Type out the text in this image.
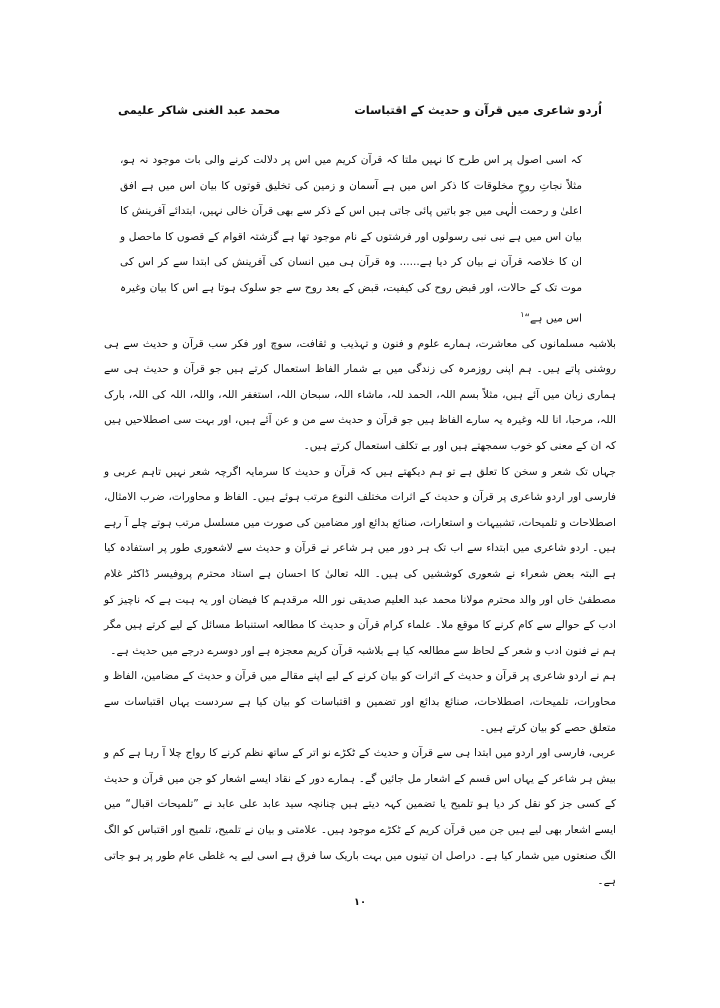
اُردو شاعری میں قرآن و حدیث کے اقتباسات
محمد عبد الغنی شاکر علیمی

کہ اسی اصول پر اس طرح کا نہیں ملتا کہ قرآن کریم میں اس پر دلالت کرنے والی بات موجود نہ ہو، مثلاً نجاتِ روحِ مخلوقات کا ذکر اس میں ہے آسمان و زمین کی تخلیق قوتوں کا بیان اس میں ہے افق اعلیٰ و رحمت الٰہی میں جو باتیں پائی جاتی ہیں اس کے ذکر سے بھی قرآن خالی نہیں، ابتدائے آفرینش کا بیان اس میں ہے نبی نبی رسولوں اور فرشتوں کے نام موجود تھا ہے گزشتہ اقوام کے قصوں کا ماحصل و ان کا خلاصہ قرآن نے بیان کر دیا ہے...... وہ قرآن ہی میں انسان کی آفرینش کی ابتدا سے کر اس کی موت تک کے حالات، اور قبض روح کی کیفیت، قبض کے بعد روح سے جو سلوک ہوتا ہے اس کا بیان وغیرہ اس میں ہے“$^۱$

بلاشبہ مسلمانوں کی معاشرت، ہمارے علوم و فنون و تہذیب و ثقافت، سوچ اور فکر سب قرآن و حدیث سے ہی روشنی پاتے ہیں۔ ہم اپنی روزمرہ کی زندگی میں بے شمار الفاظ استعمال کرتے ہیں جو قرآن و حدیث ہی سے ہماری زبان میں آئے ہیں، مثلاً بسم اللہ، الحمد للہ، ماشاء اللہ، سبحان اللہ، استغفر اللہ، واللہ، اللہ کی اللہ، بارک اللہ، مرحبا، انا للہ وغیرہ یہ سارے الفاظ ہیں جو قرآن و حدیث سے من و عن آئے ہیں، اور بہت سی اصطلاحیں ہیں کہ ان کے معنی کو خوب سمجھتے ہیں اور بے تکلف استعمال کرتے ہیں۔

جہاں تک شعر و سخن کا تعلق ہے تو ہم دیکھتے ہیں کہ قرآن و حدیث کا سرمایہ اگرچہ شعر نہیں تاہم عربی و فارسی اور اردو شاعری پر قرآن و حدیث کے اثرات مختلف النوع مرتب ہوئے ہیں۔ الفاظ و محاورات، ضرب الامثال، اصطلاحات و تلمیحات، تشبیہات و استعارات، صنائع بدائع اور مضامین کی صورت میں مسلسل مرتب ہوتے چلے آ رہے ہیں۔ اردو شاعری میں ابتداء سے اب تک ہر دور میں ہر شاعر نے قرآن و حدیث سے لاشعوری طور پر استفادہ کیا ہے البتہ بعض شعراء نے شعوری کوششیں کی ہیں۔ اللہ تعالیٰ کا احسان ہے استاد محترم پروفیسر ڈاکٹر غلام مصطفیٰ خاں اور والد محترم مولانا محمد عبد العلیم صدیقی نور اللہ مرقدہم کا فیضان اور یہ ہیت ہے کہ ناچیز کو ادب کے حوالے سے کام کرنے کا موقع ملا۔ علماء کرام قرآن و حدیث کا مطالعہ استنباط مسائل کے لیے کرتے ہیں مگر ہم نے فنون ادب و شعر کے لحاظ سے مطالعہ کیا ہے بلاشبہ قرآن کریم معجزہ ہے اور دوسرے درجے میں حدیث ہے۔

ہم نے اردو شاعری پر قرآن و حدیث کے اثرات کو بیان کرنے کے لیے اپنے مقالے میں قرآن و حدیث کے مضامین، الفاظ و محاورات، تلمیحات، اصطلاحات، صنائع بدائع اور تضمین و اقتباسات کو بیان کیا ہے سردست یہاں اقتباسات سے متعلق حصے کو بیان کرتے ہیں۔

عربی، فارسی اور اردو میں ابتدا ہی سے قرآن و حدیث کے ٹکڑے نو اتر کے ساتھ نظم کرنے کا رواج چلا آ رہا ہے کم و بیش ہر شاعر کے یہاں اس قسم کے اشعار مل جائیں گے۔ ہمارے دور کے نقاد ایسے اشعار کو جن میں قرآن و حدیث کے کسی جز کو نقل کر دیا ہو تلمیح یا تضمین کہہ دیتے ہیں چنانچہ سید عابد علی عابد نے ”تلمیحات اقبال“ میں ایسے اشعار بھی لیے ہیں جن میں قرآن کریم کے ٹکڑے موجود ہیں۔ علامتی و بیان نے تلمیح، تلمیح اور اقتباس کو الگ الگ صنعتوں میں شمار کیا ہے۔ دراصل ان تینوں میں بہت باریک سا فرق ہے اسی لیے یہ غلطی عام طور پر ہو جاتی ہے۔

۱۰
